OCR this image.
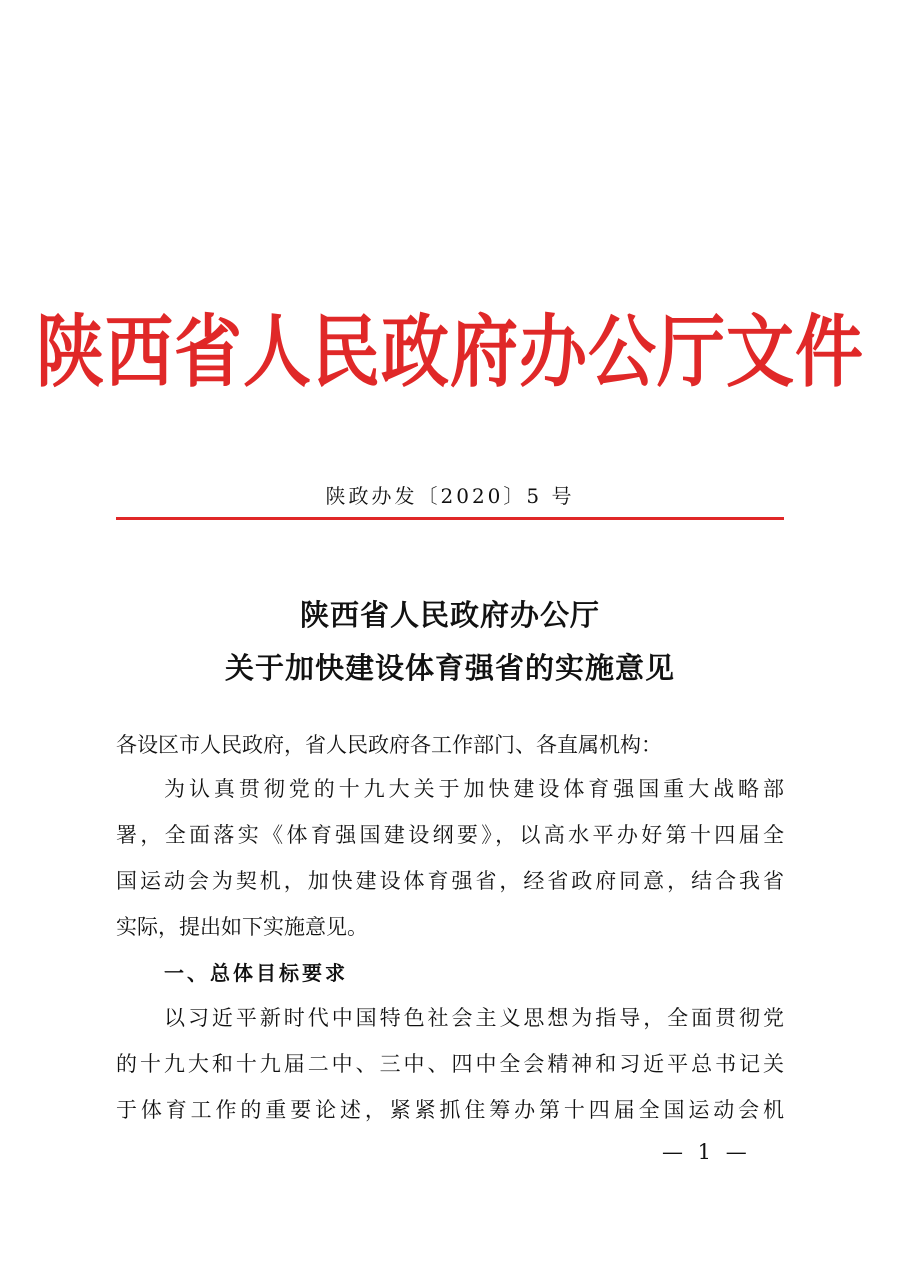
陕西省人民政府办公厅文件
陕政办发〔2020〕5 号
陕西省人民政府办公厅
关于加快建设体育强省的实施意见
各设区市人民政府，省人民政府各工作部门、各直属机构：
为认真贯彻党的十九大关于加快建设体育强国重大战略部
署，全面落实《体育强国建设纲要》，以高水平办好第十四届全
国运动会为契机，加快建设体育强省，经省政府同意，结合我省
实际，提出如下实施意见。
一、总体目标要求
以习近平新时代中国特色社会主义思想为指导，全面贯彻党
的十九大和十九届二中、三中、四中全会精神和习近平总书记关
于体育工作的重要论述，紧紧抓住筹办第十四届全国运动会机
— 1 —
